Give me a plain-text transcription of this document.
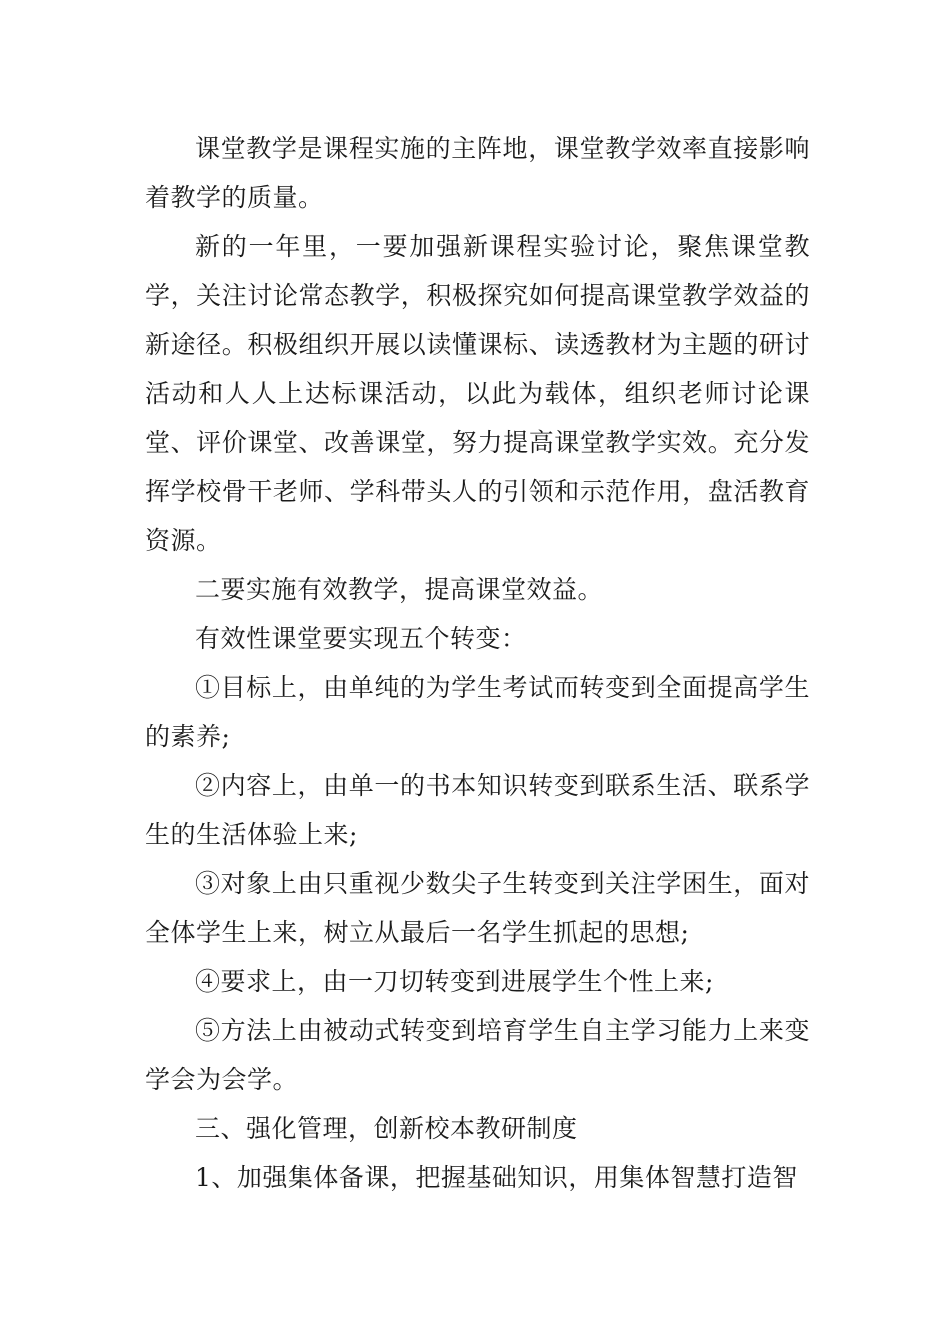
课堂教学是课程实施的主阵地，课堂教学效率直接影响着教学的质量。

新的一年里，一要加强新课程实验讨论，聚焦课堂教学，关注讨论常态教学，积极探究如何提高课堂教学效益的新途径。积极组织开展以读懂课标、读透教材为主题的研讨活动和人人上达标课活动，以此为载体，组织老师讨论课堂、评价课堂、改善课堂，努力提高课堂教学实效。充分发挥学校骨干老师、学科带头人的引领和示范作用，盘活教育资源。

二要实施有效教学，提高课堂效益。

有效性课堂要实现五个转变：

①目标上，由单纯的为学生考试而转变到全面提高学生的素养;

②内容上，由单一的书本知识转变到联系生活、联系学生的生活体验上来;

③对象上由只重视少数尖子生转变到关注学困生，面对全体学生上来，树立从最后一名学生抓起的思想;

④要求上，由一刀切转变到进展学生个性上来;

⑤方法上由被动式转变到培育学生自主学习能力上来变学会为会学。

三、强化管理，创新校本教研制度

1、加强集体备课，把握基础知识，用集体智慧打造智
